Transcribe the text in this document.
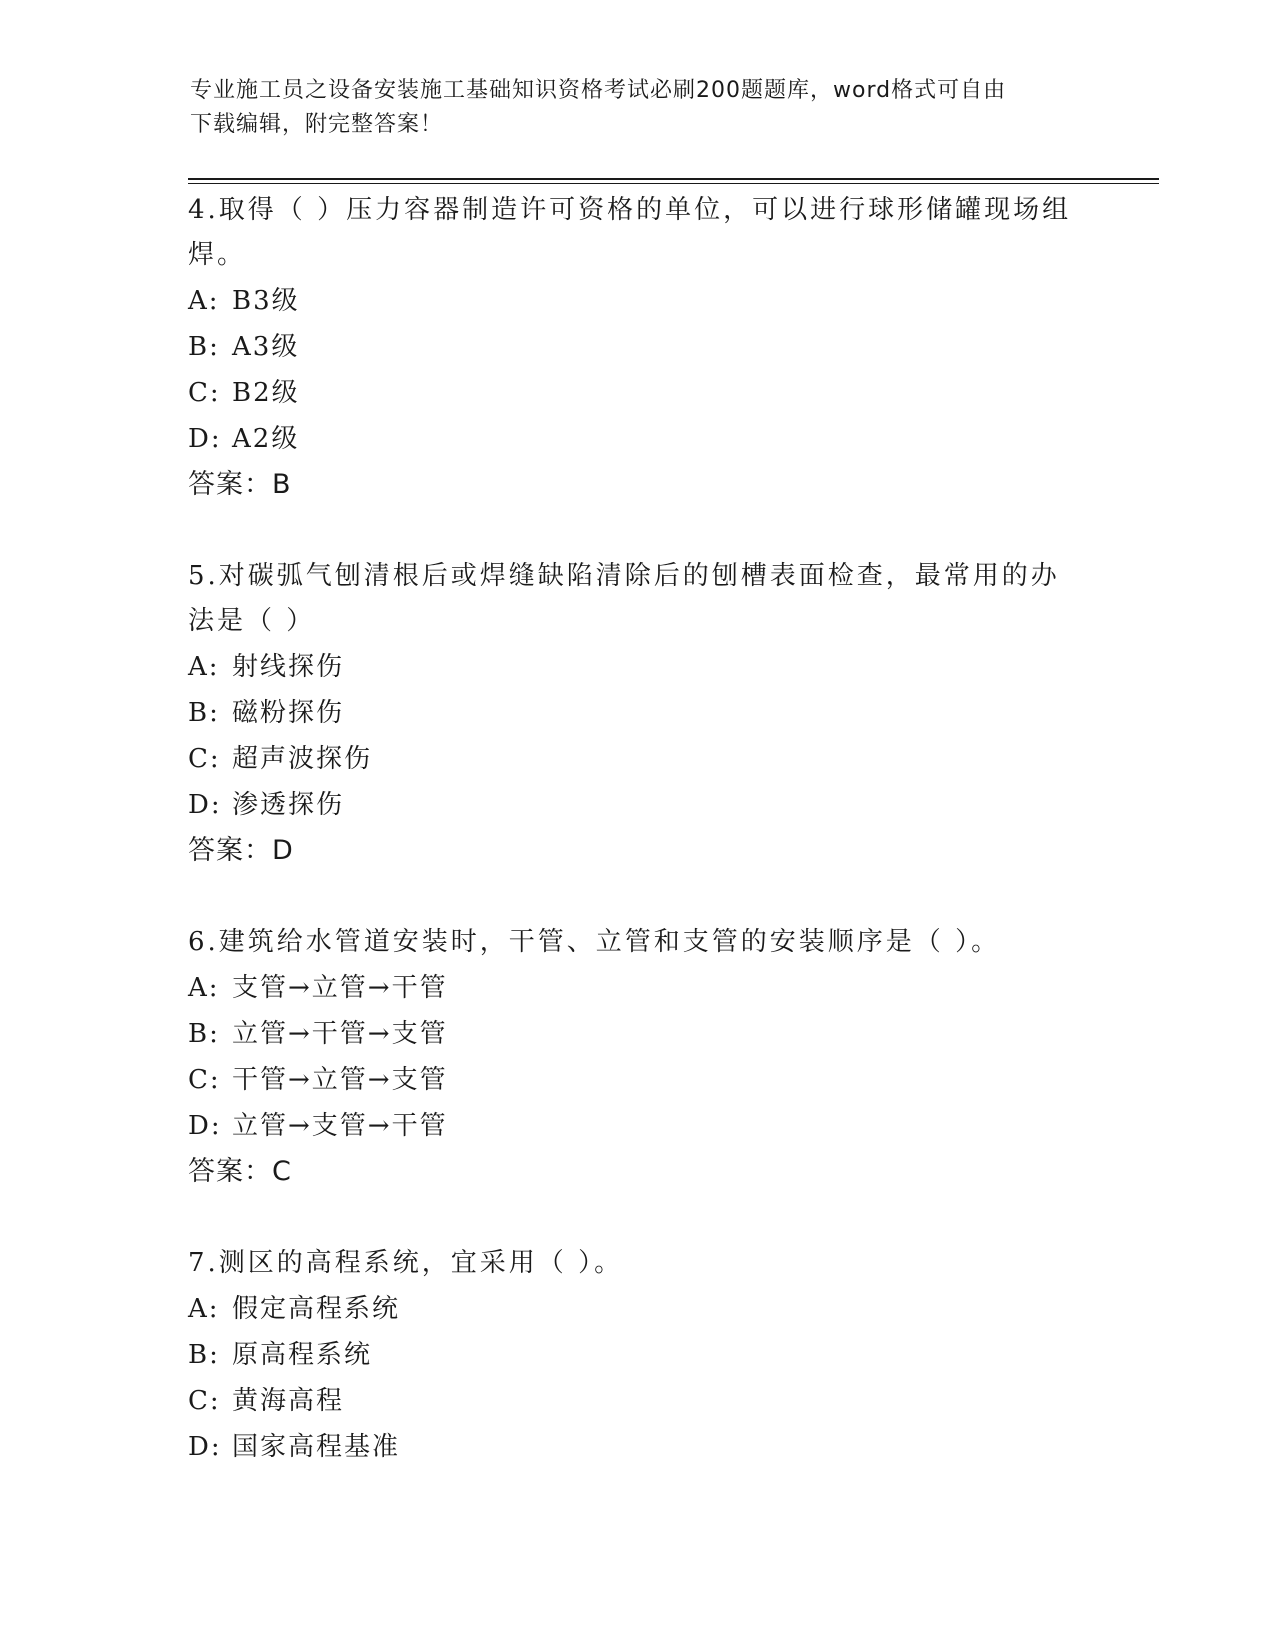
专业施工员之设备安装施工基础知识资格考试必刷200题题库，word格式可自由
下载编辑，附完整答案！

4.取得（ ）压力容器制造许可资格的单位，可以进行球形储罐现场组焊。

A: B3级

B: A3级

C: B2级

D: A2级

答案：B

5.对碳弧气刨清根后或焊缝缺陷清除后的刨槽表面检查，最常用的办法是（ ）

A: 射线探伤

B: 磁粉探伤

C: 超声波探伤

D: 渗透探伤

答案：D

6.建筑给水管道安装时，干管、立管和支管的安装顺序是（ ）。

A: 支管→立管→干管

B: 立管→干管→支管

C: 干管→立管→支管

D: 立管→支管→干管

答案：C

7.测区的高程系统，宜采用（ ）。

A: 假定高程系统

B: 原高程系统

C: 黄海高程

D: 国家高程基准
